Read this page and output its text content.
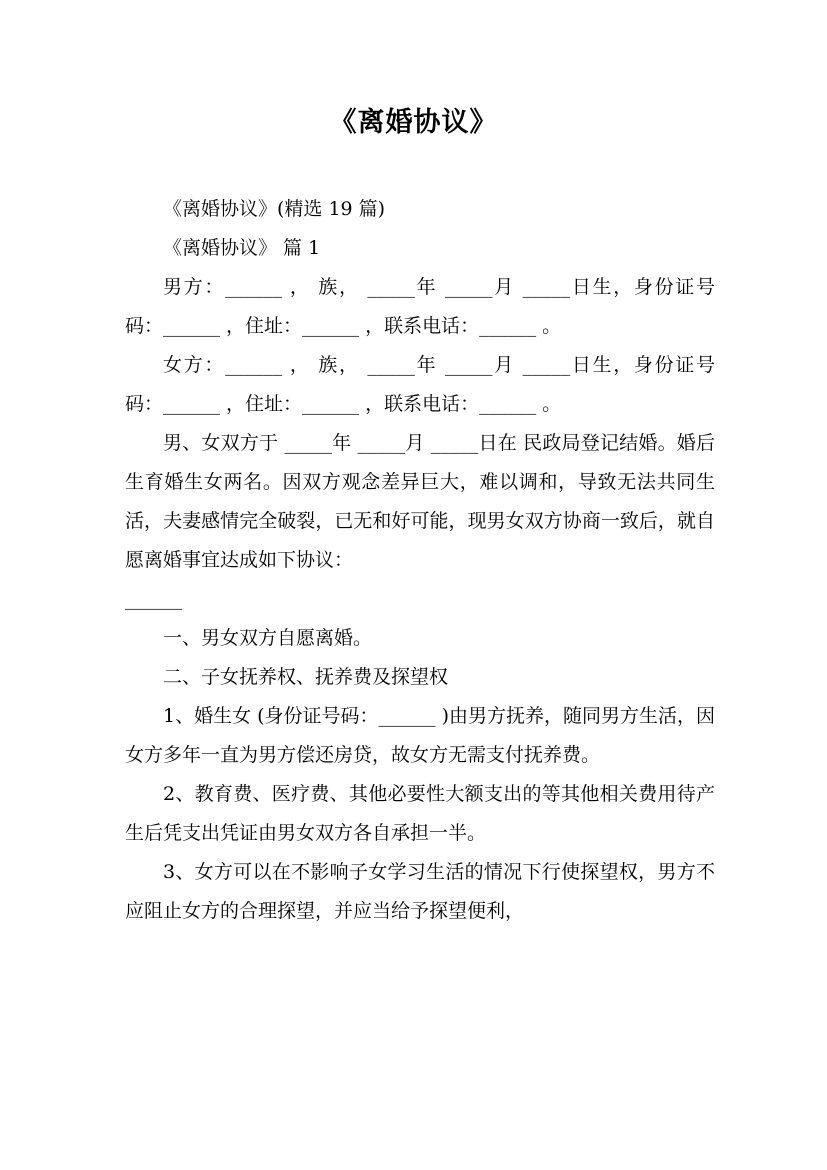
《离婚协议》

《离婚协议》(精选 19 篇)

《离婚协议》 篇 1

男方：______ ， 族， _____年 _____月 _____日生，身份证号码：______ ，住址：______ ，联系电话：______ 。

女方：______ ， 族， _____年 _____月 _____日生，身份证号码：______ ，住址：______ ，联系电话：______ 。

男、女双方于 _____年 _____月 _____日在 民政局登记结婚。婚后生育婚生女两名。因双方观念差异巨大，难以调和，导致无法共同生活，夫妻感情完全破裂，已无和好可能，现男女双方协商一致后，就自愿离婚事宜达成如下协议：

______

一、男女双方自愿离婚。

二、子女抚养权、抚养费及探望权

1、婚生女 (身份证号码：______ )由男方抚养，随同男方生活，因女方多年一直为男方偿还房贷，故女方无需支付抚养费。

2、教育费、医疗费、其他必要性大额支出的等其他相关费用待产生后凭支出凭证由男女双方各自承担一半。

3、女方可以在不影响子女学习生活的情况下行使探望权，男方不应阻止女方的合理探望，并应当给予探望便利，
